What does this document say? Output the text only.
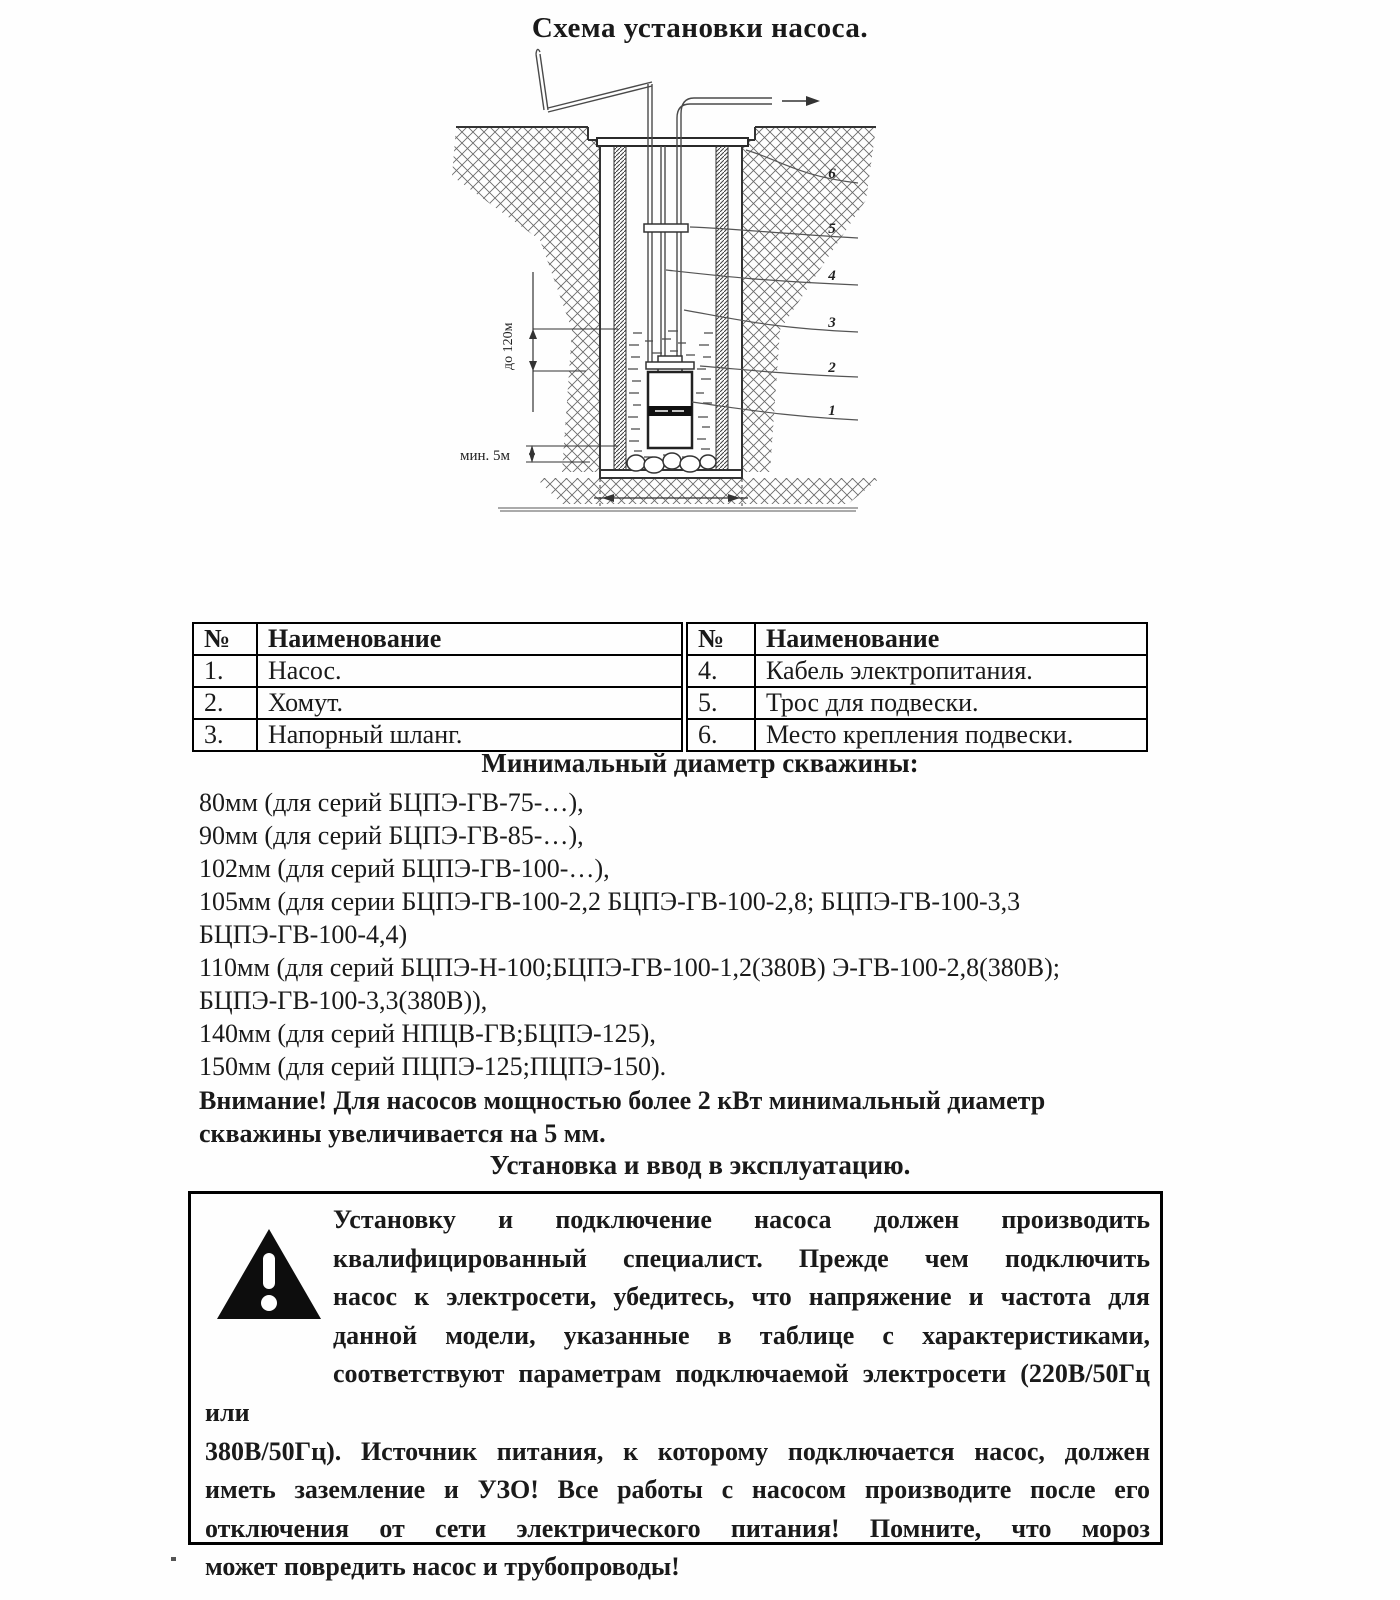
Схема установки насоса.
6
5
4
3
2
1
до 120м
мин. 5м
№	Наименование
1.	Насос.
2.	Хомут.
3.	Напорный шланг.
№	Наименование
4.	Кабель электропитания.
5.	Трос для подвески.
6.	Место крепления подвески.
Минимальный диаметр скважины:
80мм (для серий БЦПЭ-ГВ-75-…),
90мм (для серий БЦПЭ-ГВ-85-…),
102мм (для серий БЦПЭ-ГВ-100-…),
105мм (для серии БЦПЭ-ГВ-100-2,2 БЦПЭ-ГВ-100-2,8; БЦПЭ-ГВ-100-3,3
БЦПЭ-ГВ-100-4,4)
110мм (для серий БЦПЭ-Н-100;БЦПЭ-ГВ-100-1,2(380В) Э-ГВ-100-2,8(380В);
БЦПЭ-ГВ-100-3,3(380В)),
140мм (для серий НПЦВ-ГВ;БЦПЭ-125),
150мм (для серий ПЦПЭ-125;ПЦПЭ-150).
Внимание! Для насосов мощностью более 2 кВт минимальный диаметр
скважины увеличивается на 5 мм.
Установка и ввод в эксплуатацию.
Установку и подключение насоса должен производить
квалифицированный специалист. Прежде чем подключить
насос к электросети, убедитесь, что напряжение и частота для
данной модели, указанные в таблице с характеристиками,
соответствуют параметрам подключаемой электросети (220В/50Гц или
380В/50Гц). Источник питания, к которому подключается насос, должен
иметь заземление и УЗО! Все работы с насосом производите после его
отключения от сети электрического питания! Помните, что мороз
может повредить насос и трубопроводы!
